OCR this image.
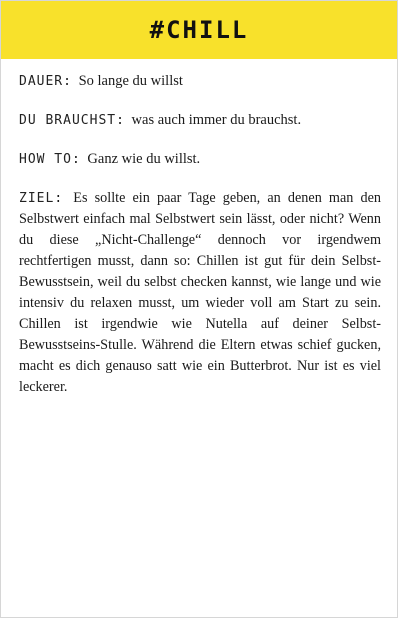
#CHILL
DAUER: So lange du willst
DU BRAUCHST: was auch immer du brauchst.
HOW TO: Ganz wie du willst.
ZIEL: Es sollte ein paar Tage geben, an denen man den Selbstwert einfach mal Selbstwert sein lässt, oder nicht? Wenn du diese „Nicht-Challenge“ dennoch vor irgendwem rechtfertigen musst, dann so: Chillen ist gut für dein Selbst-Bewusstsein, weil du selbst checken kannst, wie lange und wie intensiv du relaxen musst, um wieder voll am Start zu sein. Chillen ist irgendwie wie Nutella auf deiner Selbst-Bewusstseins-Stulle. Während die Eltern etwas schief gucken, macht es dich genauso satt wie ein Butterbrot. Nur ist es viel leckerer.
